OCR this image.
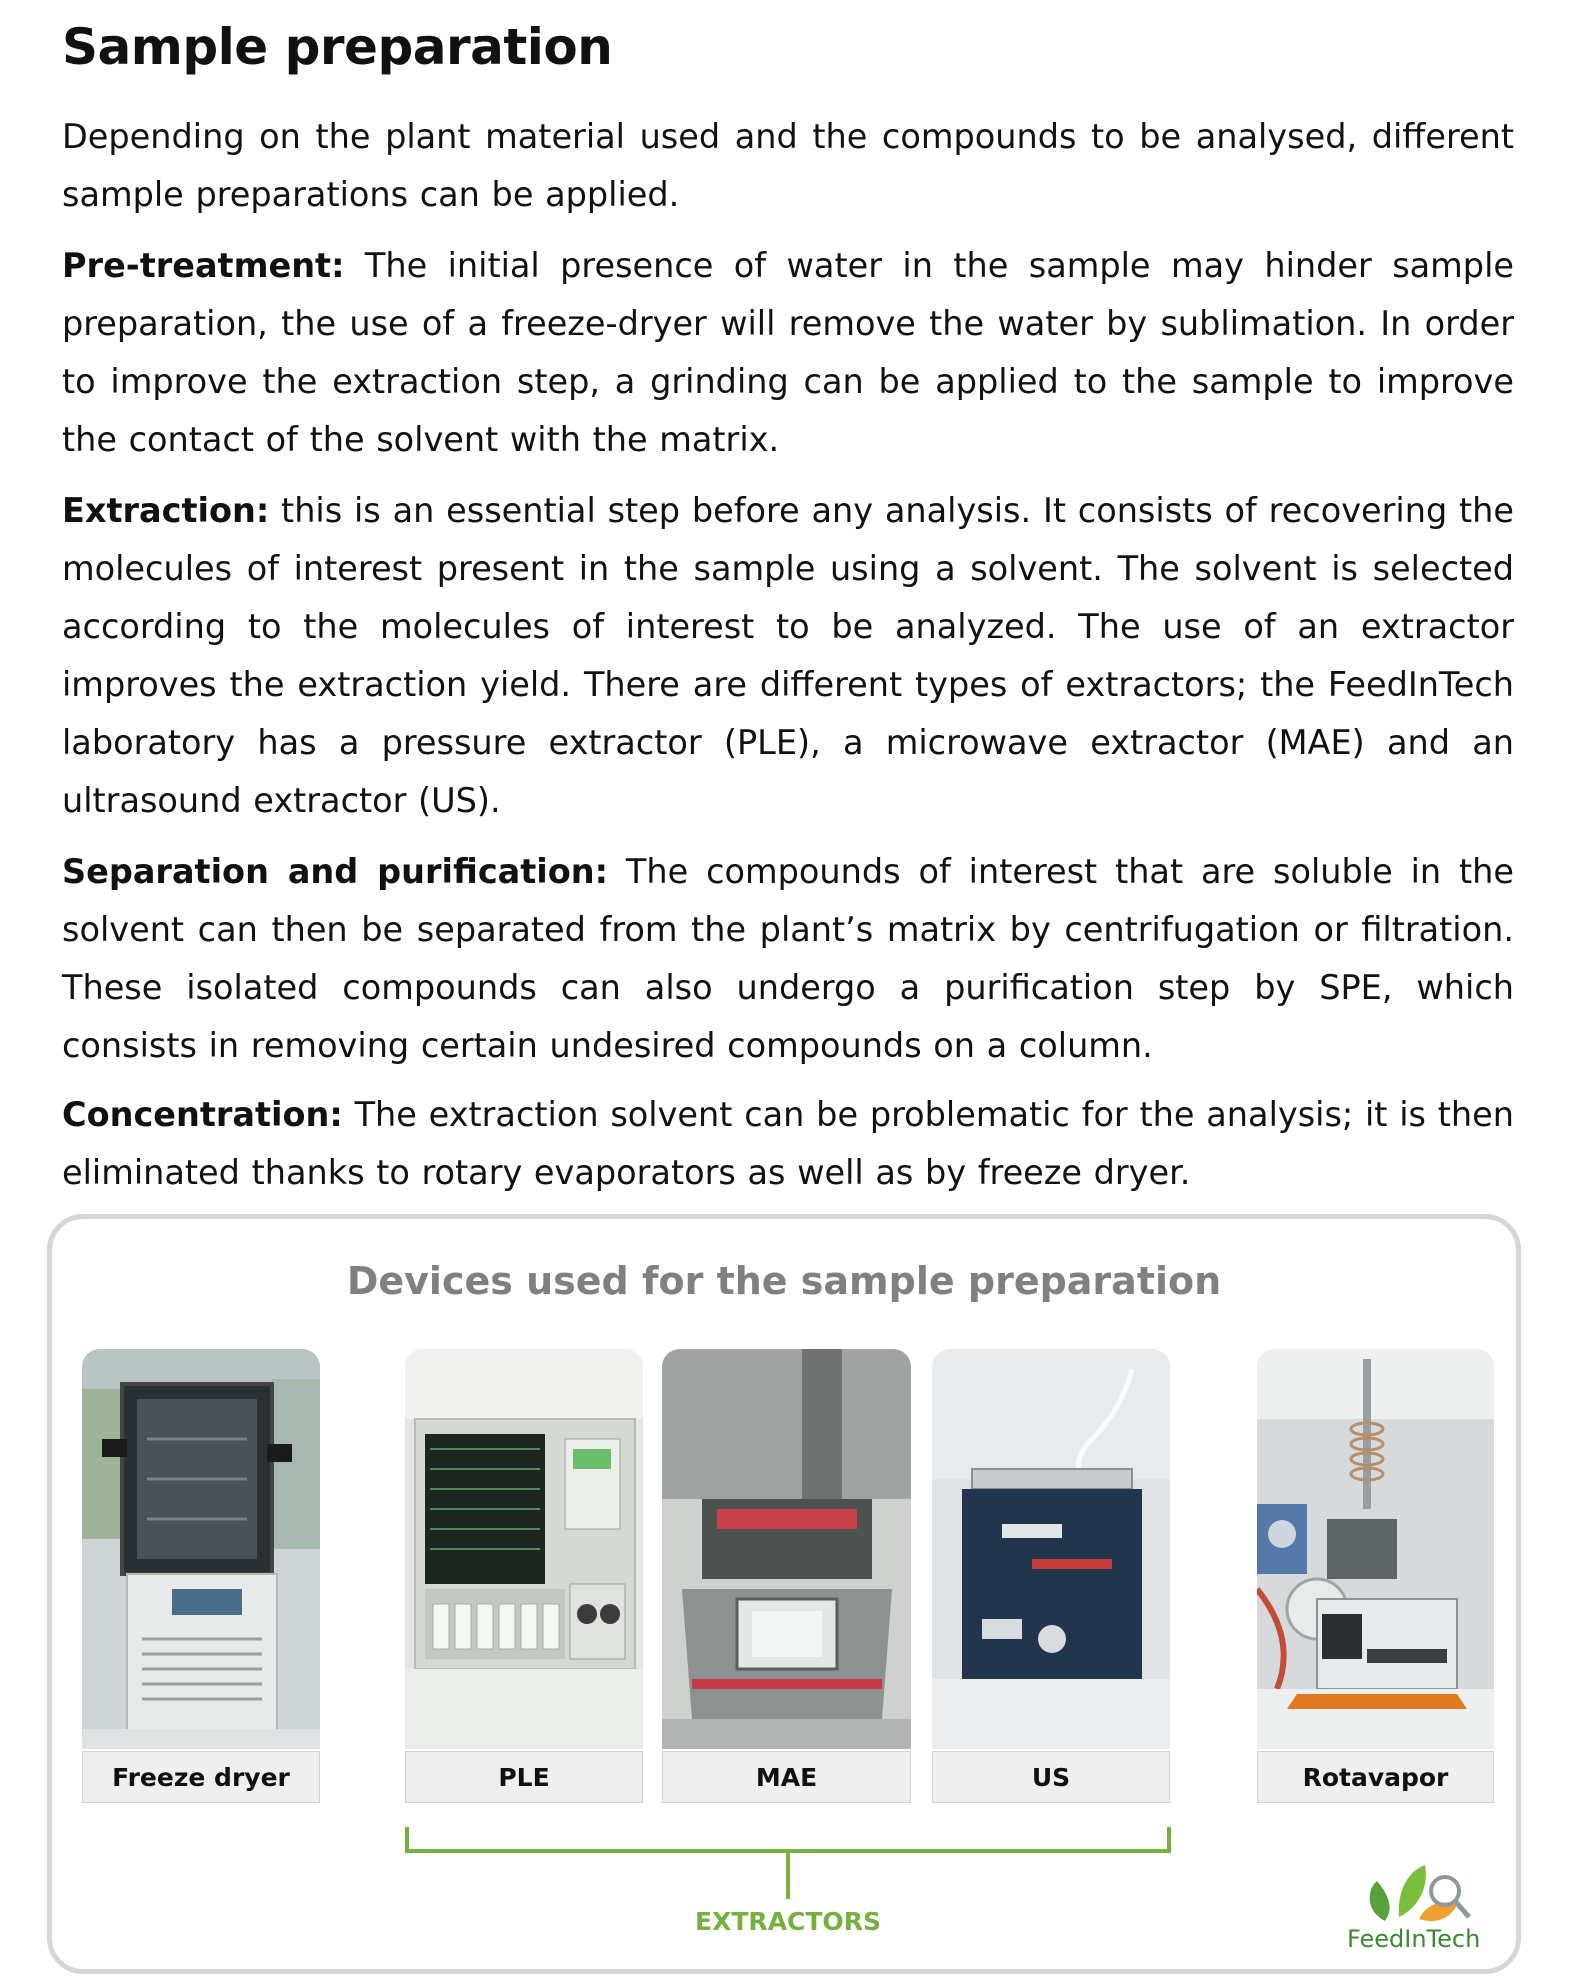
Sample preparation
Depending on the plant material used and the compounds to be analysed, different sample preparations can be applied.
Pre-treatment: The initial presence of water in the sample may hinder sample preparation, the use of a freeze-dryer will remove the water by sublimation. In order to improve the extraction step, a grinding can be applied to the sample to improve the contact of the solvent with the matrix.
Extraction: this is an essential step before any analysis. It consists of recovering the molecules of interest present in the sample using a solvent. The solvent is selected according to the molecules of interest to be analyzed. The use of an extractor improves the extraction yield. There are different types of extractors; the FeedInTech laboratory has a pressure extractor (PLE), a microwave extractor (MAE) and an ultrasound extractor (US).
Separation and purification: The compounds of interest that are soluble in the solvent can then be separated from the plant’s matrix by centrifugation or filtration. These isolated compounds can also undergo a purification step by SPE, which consists in removing certain undesired compounds on a column.
Concentration: The extraction solvent can be problematic for the analysis; it is then eliminated thanks to rotary evaporators as well as by freeze dryer.
Devices used for the sample preparation
Freeze dryer	PLE	MAE	US	Rotavapor
EXTRACTORS
FeedInTech
